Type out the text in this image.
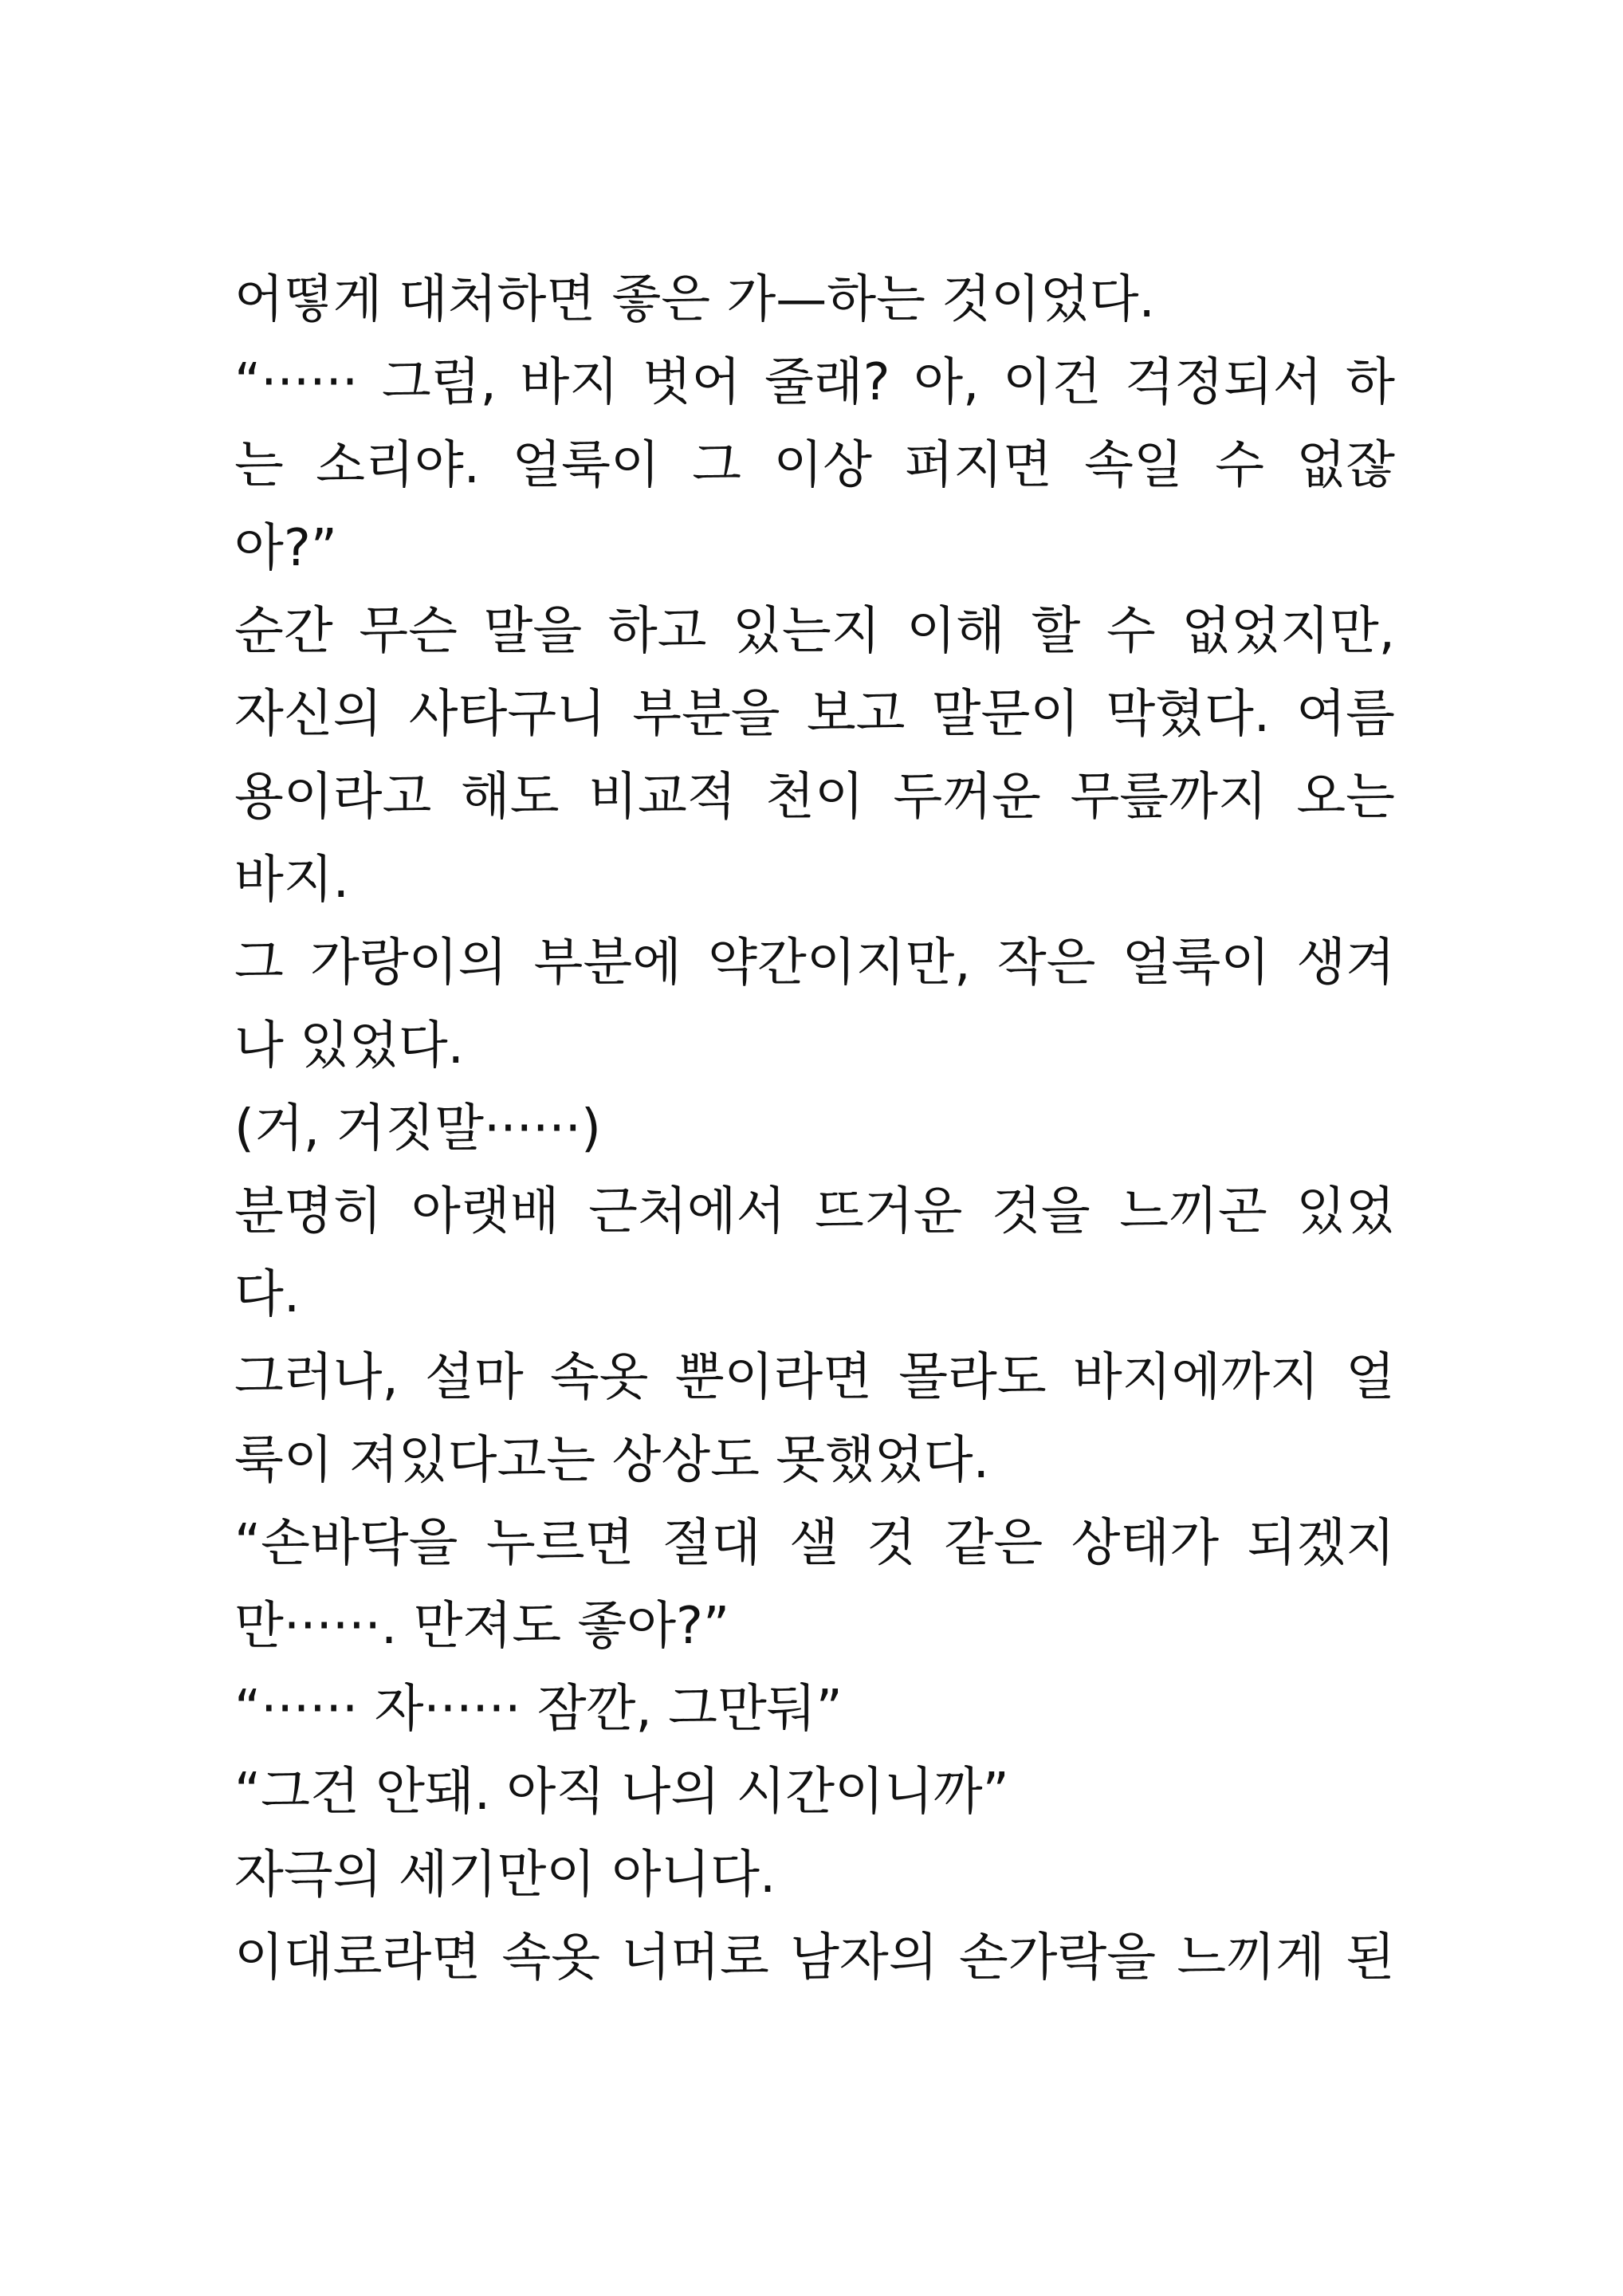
어떻게 대처하면 좋은 가—하는 것이었다.
“······ 그럼, 바지 벗어 줄래? 아, 이건 걱정되서 하
는 소리야. 얼룩이 그 이상 퍼지면 속일 수 없잖
아?”
순간 무슨 말을 하고 있는지 이해 할 수 없었지만,
자신의 사타구니 부분을 보고 말문이 막혔다. 여름
용이라고 해도 비교적 천이 두꺼운 무릎까지 오는
바지.
그 가랑이의 부분에 약간이지만, 작은 얼룩이 생겨
나 있었다.
(거, 거짓말······)
분명히 아랫배 근처에서 뜨거운 것을 느끼곤 있었
다.
그러나, 설마 속옷 뿐이라면 몰라도 바지에까지 얼
룩이 져있다고는 상상도 못했었다.
“손바닥을 누르면 절대 샐 것 같은 상태가 되겠지
만······. 만져도 좋아?”
“······ 자······ 잠깐, 그만둬”
“그건 안돼. 아직 나의 시간이니까”
자극의 세기만이 아니다.
이대로라면 속옷 너머로 남자의 손가락을 느끼게 된
